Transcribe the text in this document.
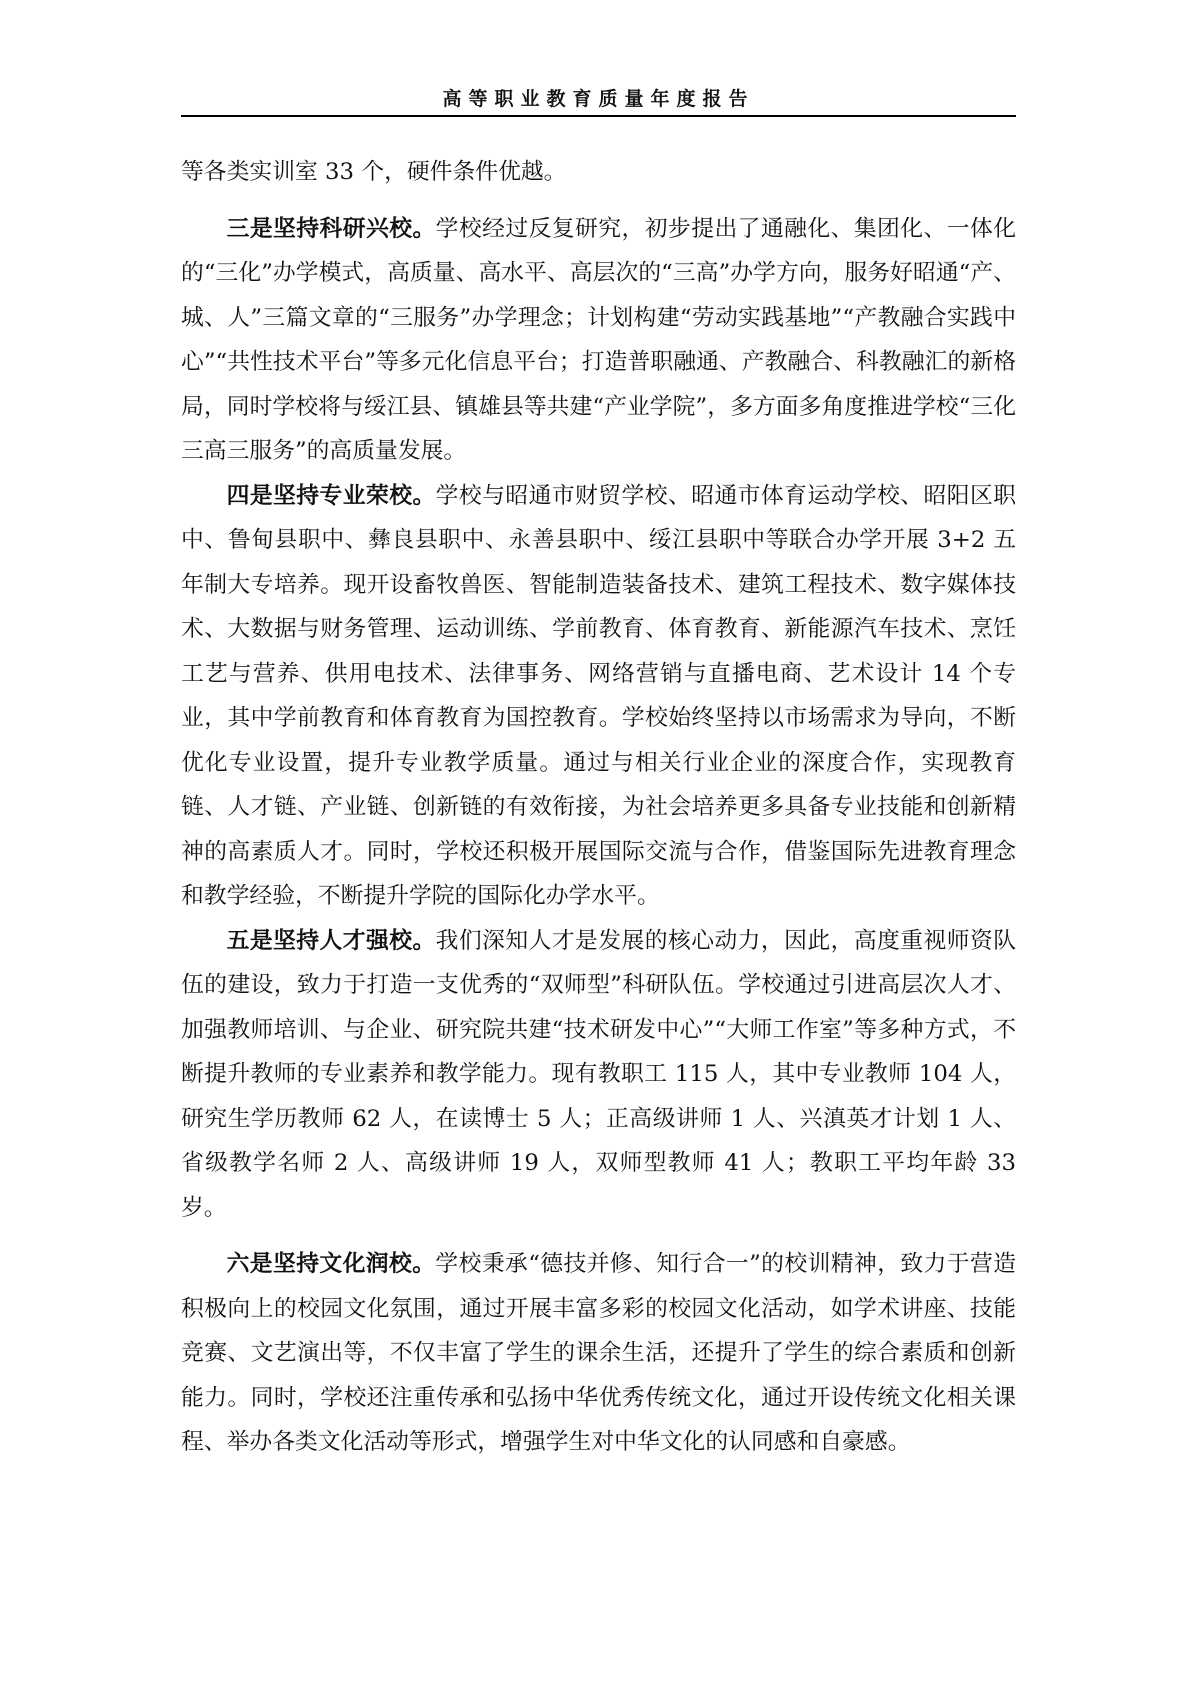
高等职业教育质量年度报告

等各类实训室 33 个，硬件条件优越。

三是坚持科研兴校。学校经过反复研究，初步提出了通融化、集团化、一体化的“三化”办学模式，高质量、高水平、高层次的“三高”办学方向，服务好昭通“产、城、人”三篇文章的“三服务”办学理念；计划构建“劳动实践基地”“产教融合实践中心”“共性技术平台”等多元化信息平台；打造普职融通、产教融合、科教融汇的新格局，同时学校将与绥江县、镇雄县等共建“产业学院”，多方面多角度推进学校“三化三高三服务”的高质量发展。

四是坚持专业荣校。学校与昭通市财贸学校、昭通市体育运动学校、昭阳区职中、鲁甸县职中、彝良县职中、永善县职中、绥江县职中等联合办学开展 3+2 五年制大专培养。现开设畜牧兽医、智能制造装备技术、建筑工程技术、数字媒体技术、大数据与财务管理、运动训练、学前教育、体育教育、新能源汽车技术、烹饪工艺与营养、供用电技术、法律事务、网络营销与直播电商、艺术设计 14 个专业，其中学前教育和体育教育为国控教育。学校始终坚持以市场需求为导向，不断优化专业设置，提升专业教学质量。通过与相关行业企业的深度合作，实现教育链、人才链、产业链、创新链的有效衔接，为社会培养更多具备专业技能和创新精神的高素质人才。同时，学校还积极开展国际交流与合作，借鉴国际先进教育理念和教学经验，不断提升学院的国际化办学水平。

五是坚持人才强校。我们深知人才是发展的核心动力，因此，高度重视师资队伍的建设，致力于打造一支优秀的“双师型”科研队伍。学校通过引进高层次人才、加强教师培训、与企业、研究院共建“技术研发中心”“大师工作室”等多种方式，不断提升教师的专业素养和教学能力。现有教职工 115 人，其中专业教师 104 人，研究生学历教师 62 人，在读博士 5 人；正高级讲师 1 人、兴滇英才计划 1 人、省级教学名师 2 人、高级讲师 19 人，双师型教师 41 人；教职工平均年龄 33 岁。

六是坚持文化润校。学校秉承“德技并修、知行合一”的校训精神，致力于营造积极向上的校园文化氛围，通过开展丰富多彩的校园文化活动，如学术讲座、技能竞赛、文艺演出等，不仅丰富了学生的课余生活，还提升了学生的综合素质和创新能力。同时，学校还注重传承和弘扬中华优秀传统文化，通过开设传统文化相关课程、举办各类文化活动等形式，增强学生对中华文化的认同感和自豪感。
